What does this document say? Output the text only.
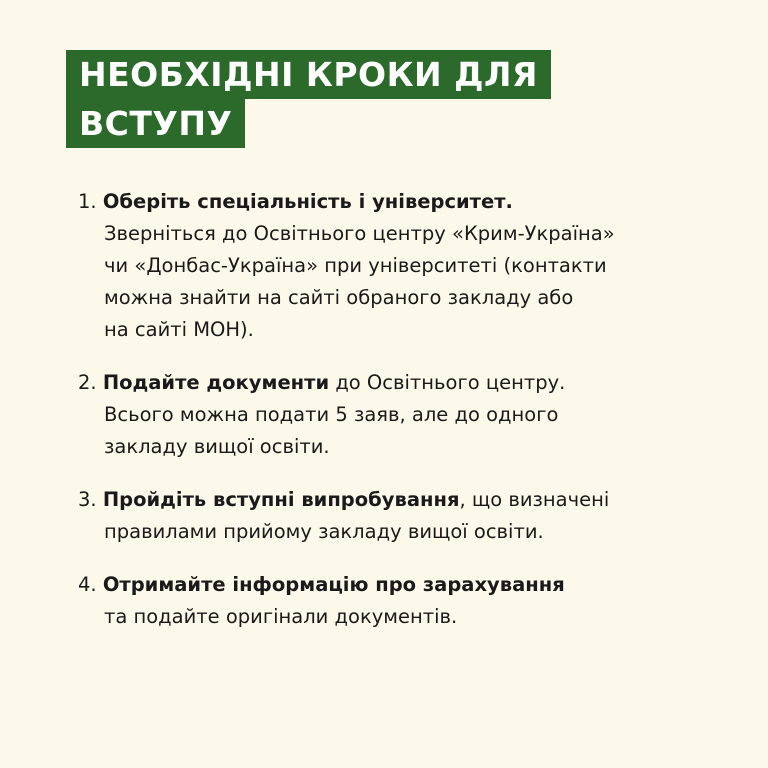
НЕОБХІДНІ КРОКИ ДЛЯ
ВСТУПУ
1. Оберіть спеціальність і університет.
Зверніться до Освітнього центру «Крим-Україна»
чи «Донбас-Україна» при університеті (контакти
можна знайти на сайті обраного закладу або
на сайті МОН).
2. Подайте документи до Освітнього центру.
Всього можна подати 5 заяв, але до одного
закладу вищої освіти.
3. Пройдіть вступні випробування, що визначені
правилами прийому закладу вищої освіти.
4. Отримайте інформацію про зарахування
та подайте оригінали документів.
